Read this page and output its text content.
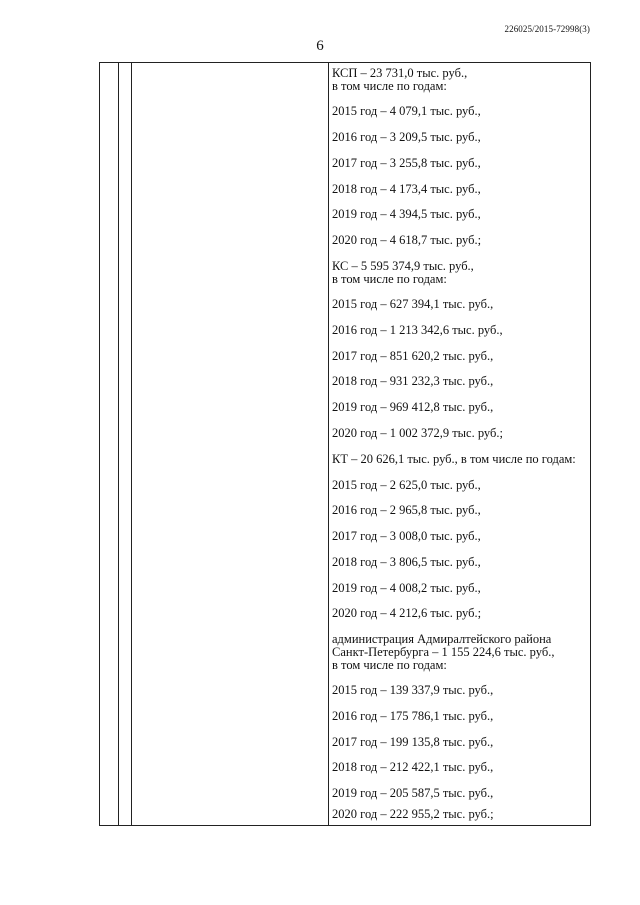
226025/2015-72998(3)
6
КСП – 23 731,0 тыс. руб.,
в том числе по годам:
2015 год – 4 079,1 тыс. руб.,
2016 год – 3 209,5 тыс. руб.,
2017 год – 3 255,8 тыс. руб.,
2018 год – 4 173,4 тыс. руб.,
2019 год – 4 394,5 тыс. руб.,
2020 год – 4 618,7 тыс. руб.;
КС – 5 595 374,9 тыс. руб.,
в том числе по годам:
2015 год – 627 394,1 тыс. руб.,
2016 год – 1 213 342,6 тыс. руб.,
2017 год – 851 620,2 тыс. руб.,
2018 год – 931 232,3 тыс. руб.,
2019 год – 969 412,8 тыс. руб.,
2020 год – 1 002 372,9 тыс. руб.;
КТ – 20 626,1 тыс. руб., в том числе по годам:
2015 год – 2 625,0 тыс. руб.,
2016 год – 2 965,8 тыс. руб.,
2017 год – 3 008,0 тыс. руб.,
2018 год – 3 806,5 тыс. руб.,
2019 год – 4 008,2 тыс. руб.,
2020 год – 4 212,6 тыс. руб.;
администрация Адмиралтейского района
Санкт-Петербурга – 1 155 224,6 тыс. руб.,
в том числе по годам:
2015 год – 139 337,9 тыс. руб.,
2016 год – 175 786,1 тыс. руб.,
2017 год – 199 135,8 тыс. руб.,
2018 год – 212 422,1 тыс. руб.,
2019 год – 205 587,5 тыс. руб.,
2020 год – 222 955,2 тыс. руб.;
